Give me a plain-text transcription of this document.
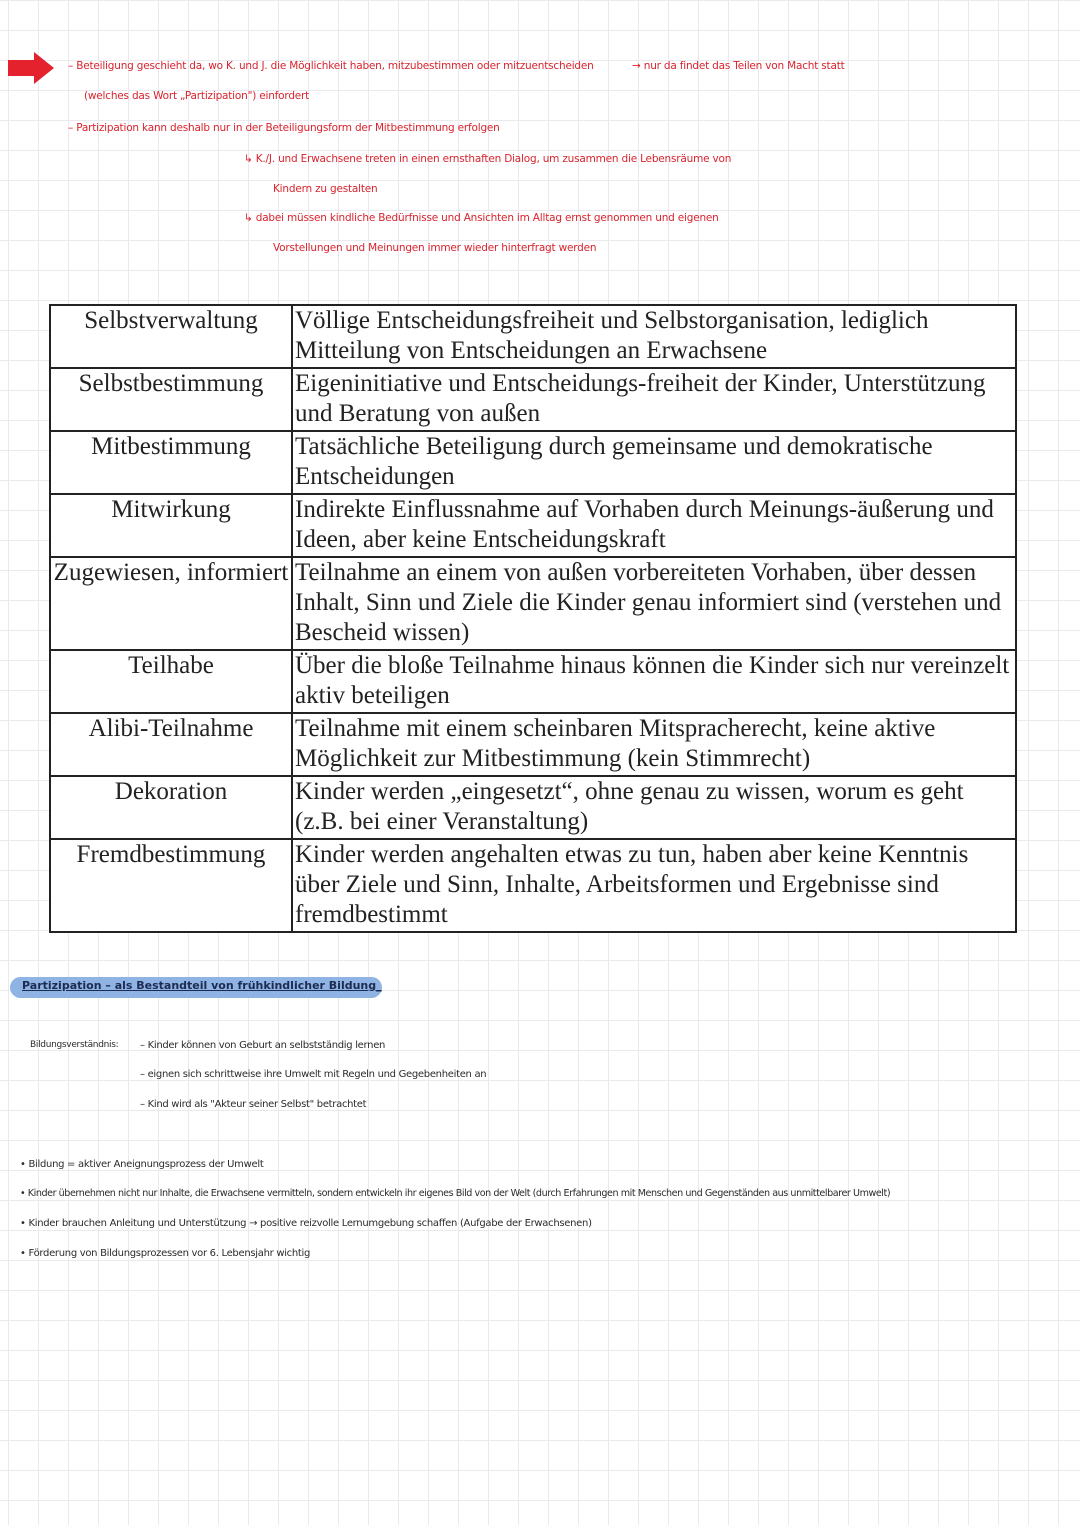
– Beteiligung geschieht da, wo K. und J. die Möglichkeit haben, mitzubestimmen oder mitzuentscheiden	→ nur da findet das Teilen von Macht statt
(welches das Wort „Partizipation") einfordert
– Partizipation kann deshalb nur in der Beteiligungsform der Mitbestimmung erfolgen
↳ K./J. und Erwachsene treten in einen ernsthaften Dialog, um zusammen die Lebensräume von
Kindern zu gestalten
↳ dabei müssen kindliche Bedürfnisse und Ansichten im Alltag ernst genommen und eigenen
Vorstellungen und Meinungen immer wieder hinterfragt werden
Selbstverwaltung	Völlige Entscheidungsfreiheit und Selbstorganisation, lediglich Mitteilung von Entscheidungen an Erwachsene
Selbstbestimmung	Eigeninitiative und Entscheidungs-freiheit der Kinder, Unterstützung und Beratung von außen
Mitbestimmung	Tatsächliche Beteiligung durch gemeinsame und demokratische Entscheidungen
Mitwirkung	Indirekte Einflussnahme auf Vorhaben durch Meinungs-äußerung und Ideen, aber keine Entscheidungskraft
Zugewiesen, informiert	Teilnahme an einem von außen vorbereiteten Vorhaben, über dessen Inhalt, Sinn und Ziele die Kinder genau informiert sind (verstehen und Bescheid wissen)
Teilhabe	Über die bloße Teilnahme hinaus können die Kinder sich nur vereinzelt aktiv beteiligen
Alibi-Teilnahme	Teilnahme mit einem scheinbaren Mitspracherecht, keine aktive Möglichkeit zur Mitbestimmung (kein Stimmrecht)
Dekoration	Kinder werden „eingesetzt“, ohne genau zu wissen, worum es geht (z.B. bei einer Veranstaltung)
Fremdbestimmung	Kinder werden angehalten etwas zu tun, haben aber keine Kenntnis über Ziele und Sinn, Inhalte, Arbeitsformen und Ergebnisse sind fremdbestimmt
Partizipation – als Bestandteil von frühkindlicher Bildung_
Bildungsverständnis: – Kinder können von Geburt an selbstständig lernen
– eignen sich schrittweise ihre Umwelt mit Regeln und Gegebenheiten an
– Kind wird als "Akteur seiner Selbst" betrachtet
• Bildung = aktiver Aneignungsprozess der Umwelt
• Kinder übernehmen nicht nur Inhalte, die Erwachsene vermitteln, sondern entwickeln ihr eigenes Bild von der Welt (durch Erfahrungen mit Menschen und Gegenständen aus unmittelbarer Umwelt)
• Kinder brauchen Anleitung und Unterstützung → positive reizvolle Lernumgebung schaffen (Aufgabe der Erwachsenen)
• Förderung von Bildungsprozessen vor 6. Lebensjahr wichtig
